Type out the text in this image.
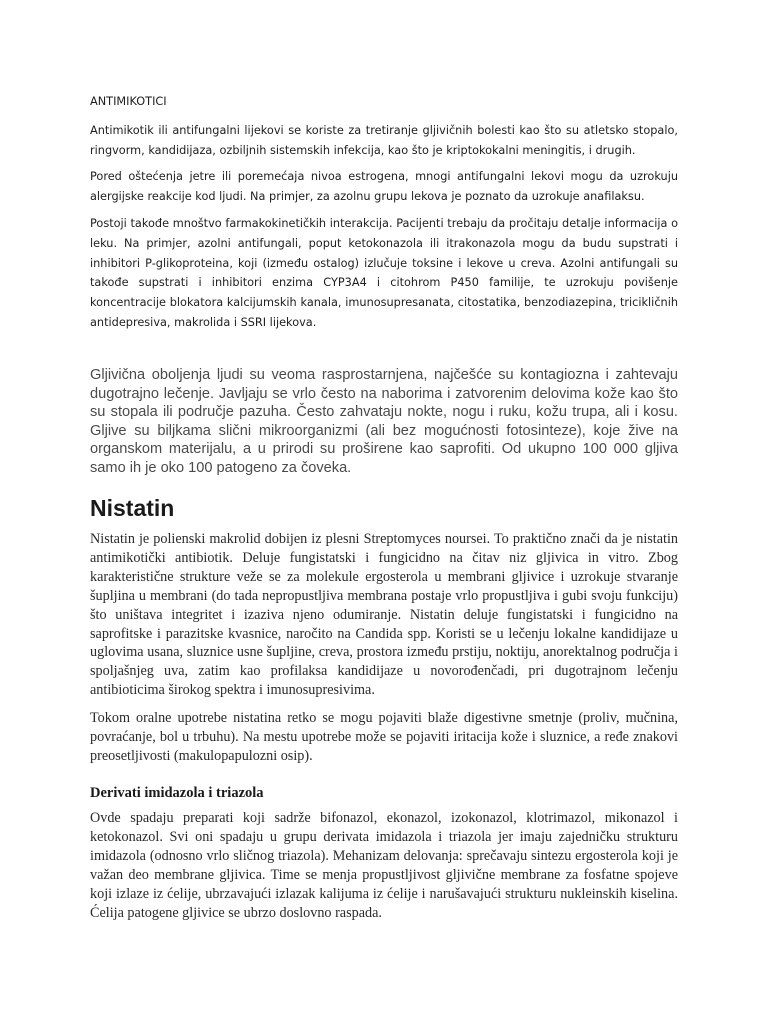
ANTIMIKOTICI

Antimikotik ili antifungalni lijekovi se koriste za tretiranje gljivičnih bolesti kao što su atletsko stopalo, ringvorm, kandidijaza, ozbiljnih sistemskih infekcija, kao što je kriptokokalni meningitis, i drugih.

Pored oštećenja jetre ili poremećaja nivoa estrogena, mnogi antifungalni lekovi mogu da uzrokuju alergijske reakcije kod ljudi. Na primjer, za azolnu grupu lekova je poznato da uzrokuje anafilaksu.

Postoji takođe mnoštvo farmakokinetičkih interakcija. Pacijenti trebaju da pročitaju detalje informacija o leku. Na primjer, azolni antifungali, poput ketokonazola ili itrakonazola mogu da budu supstrati i inhibitori P-glikoproteina, koji (između ostalog) izlučuje toksine i lekove u creva. Azolni antifungali su takođe supstrati i inhibitori enzima CYP3A4 i citohrom P450 familije, te uzrokuju povišenje koncentracije blokatora kalcijumskih kanala, imunosupresanata, citostatika, benzodiazepina, tricikličnih antidepresiva, makrolida i SSRI lijekova.

Gljivična oboljenja ljudi su veoma rasprostarnjena, najčešće su kontagiozna i zahtevaju dugotrajno lečenje. Javljaju se vrlo često na naborima i zatvorenim delovima kože kao što su stopala ili područje pazuha. Često zahvataju nokte, nogu i ruku, kožu trupa, ali i kosu. Gljive su biljkama slični mikroorganizmi (ali bez mogućnosti fotosinteze), koje žive na organskom materijalu, a u prirodi su proširene kao saprofiti. Od ukupno 100 000 gljiva samo ih je oko 100 patogeno za čoveka.

Nistatin

Nistatin je polienski makrolid dobijen iz plesni Streptomyces noursei. To praktično znači da je nistatin antimikotički antibiotik. Deluje fungistatski i fungicidno na čitav niz gljivica in vitro. Zbog karakteristične strukture veže se za molekule ergosterola u membrani gljivice i uzrokuje stvaranje šupljina u membrani (do tada nepropustljiva membrana postaje vrlo propustljiva i gubi svoju funkciju) što uništava integritet i izaziva njeno odumiranje. Nistatin deluje fungistatski i fungicidno na saprofitske i parazitske kvasnice, naročito na Candida spp. Koristi se u lečenju lokalne kandidijaze u uglovima usana, sluznice usne šupljine, creva, prostora između prstiju, noktiju, anorektalnog područja i spoljašnjeg uva, zatim kao profilaksa kandidijaze u novorođenčadi, pri dugotrajnom lečenju antibioticima širokog spektra i imunosupresivima.

Tokom oralne upotrebe nistatina retko se mogu pojaviti blaže digestivne smetnje (proliv, mučnina, povraćanje, bol u trbuhu). Na mestu upotrebe može se pojaviti iritacija kože i sluznice, a ređe znakovi preosetljivosti (makulopapulozni osip).

Derivati imidazola i triazola

Ovde spadaju preparati koji sadrže bifonazol, ekonazol, izokonazol, klotrimazol, mikonazol i ketokonazol. Svi oni spadaju u grupu derivata imidazola i triazola jer imaju zajedničku strukturu imidazola (odnosno vrlo sličnog triazola). Mehanizam delovanja: sprečavaju sintezu ergosterola koji je važan deo membrane gljivica. Time se menja propustljivost gljivične membrane za fosfatne spojeve koji izlaze iz ćelije, ubrzavajući izlazak kalijuma iz ćelije i narušavajući strukturu nukleinskih kiselina. Ćelija patogene gljivice se ubrzo doslovno raspada.
